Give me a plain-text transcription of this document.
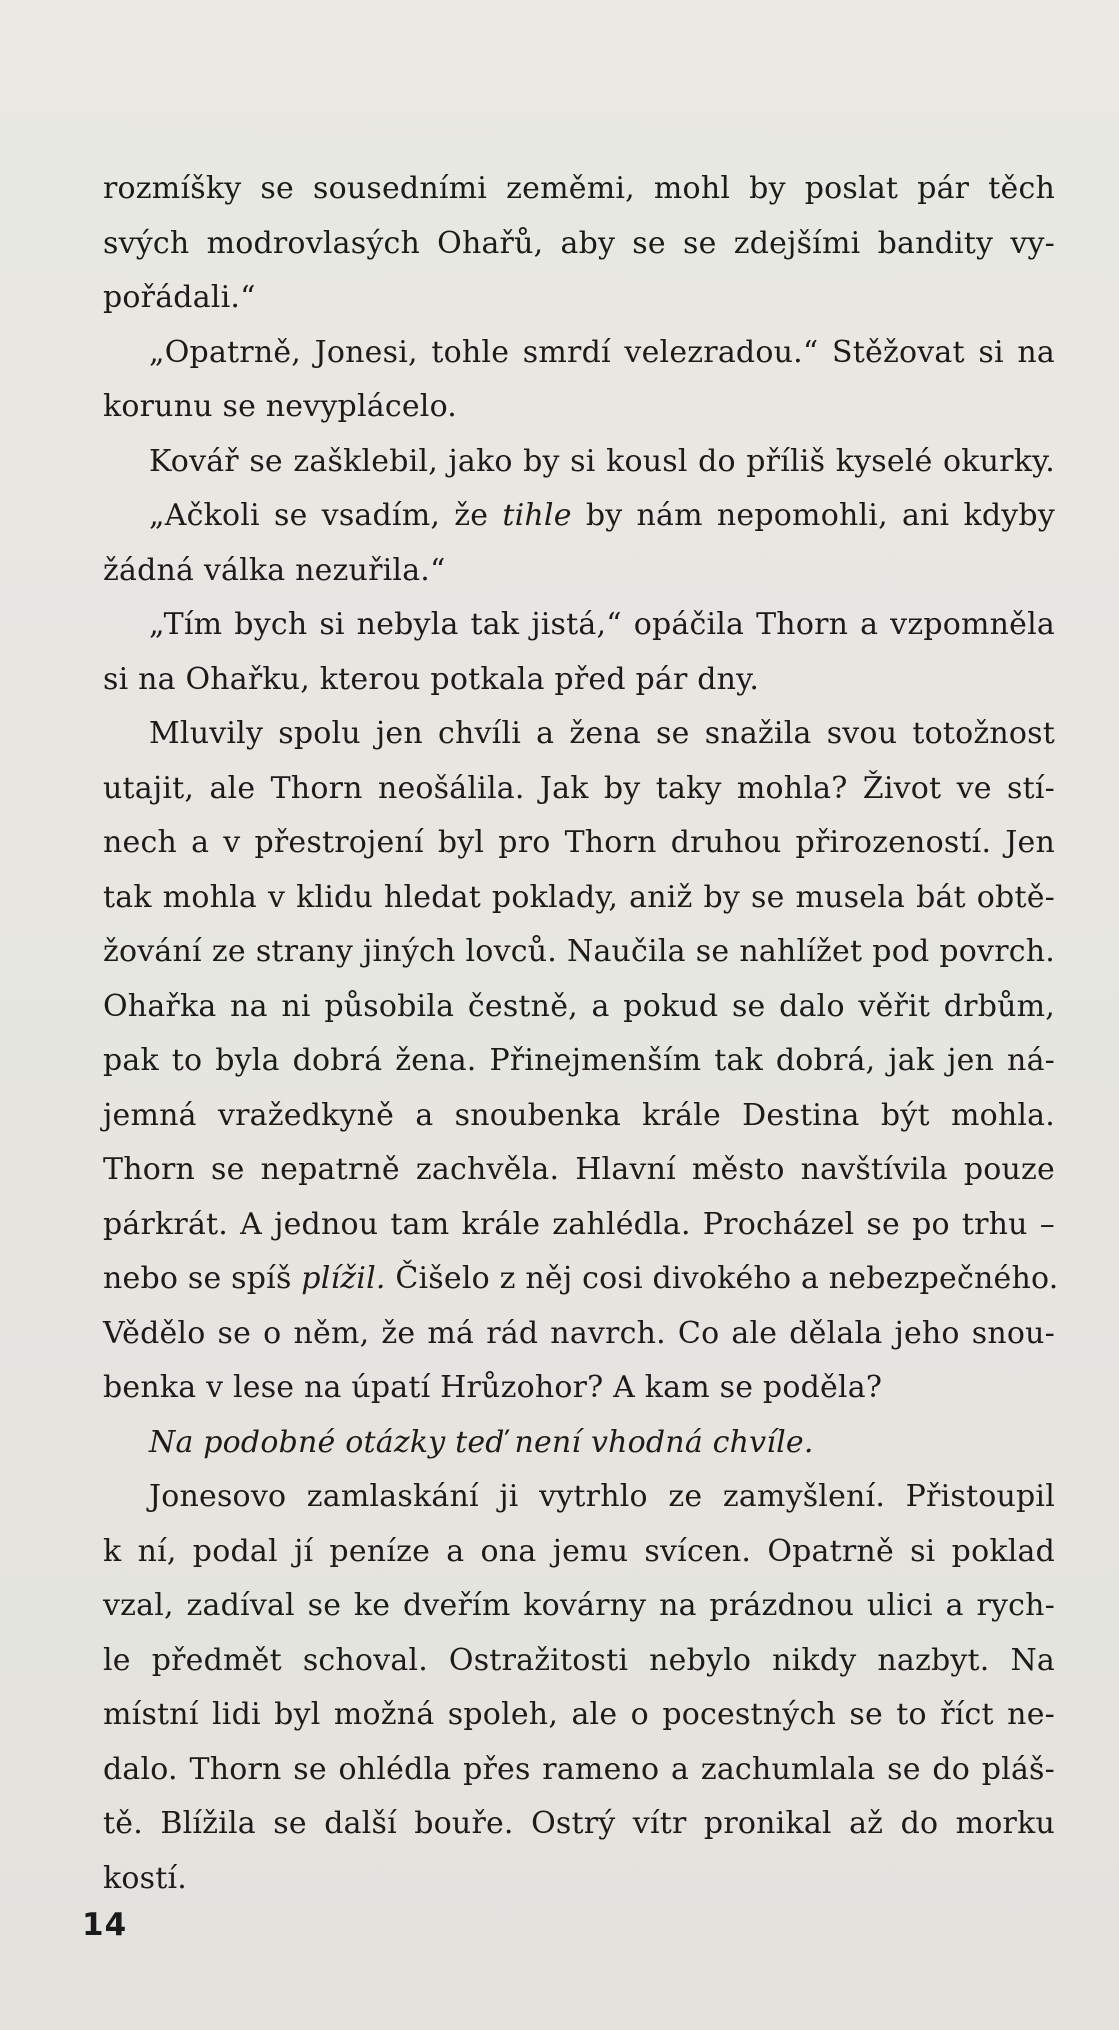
rozmíšky se sousedními zeměmi, mohl by poslat pár těch
svých modrovlasých Ohařů, aby se se zdejšími bandity vy-
pořádali.“
„Opatrně, Jonesi, tohle smrdí velezradou.“ Stěžovat si na
korunu se nevyplácelo.
Kovář se zašklebil, jako by si kousl do příliš kyselé okurky.
„Ačkoli se vsadím, že tihle by nám nepomohli, ani kdyby
žádná válka nezuřila.“
„Tím bych si nebyla tak jistá,“ opáčila Thorn a vzpomněla
si na Ohařku, kterou potkala před pár dny.
Mluvily spolu jen chvíli a žena se snažila svou totožnost
utajit, ale Thorn neošálila. Jak by taky mohla? Život ve stí-
nech a v přestrojení byl pro Thorn druhou přirozeností. Jen
tak mohla v klidu hledat poklady, aniž by se musela bát obtě-
žování ze strany jiných lovců. Naučila se nahlížet pod povrch.
Ohařka na ni působila čestně, a pokud se dalo věřit drbům,
pak to byla dobrá žena. Přinejmenším tak dobrá, jak jen ná-
jemná vražedkyně a snoubenka krále Destina být mohla.
Thorn se nepatrně zachvěla. Hlavní město navštívila pouze
párkrát. A jednou tam krále zahlédla. Procházel se po trhu –
nebo se spíš plížil. Čišelo z něj cosi divokého a nebezpečného.
Vědělo se o něm, že má rád navrch. Co ale dělala jeho snou-
benka v lese na úpatí Hrůzohor? A kam se poděla?
Na podobné otázky teď není vhodná chvíle.
Jonesovo zamlaskání ji vytrhlo ze zamyšlení. Přistoupil
k ní, podal jí peníze a ona jemu svícen. Opatrně si poklad
vzal, zadíval se ke dveřím kovárny na prázdnou ulici a rych-
le předmět schoval. Ostražitosti nebylo nikdy nazbyt. Na
místní lidi byl možná spoleh, ale o pocestných se to říct ne-
dalo. Thorn se ohlédla přes rameno a zachumlala se do pláš-
tě. Blížila se další bouře. Ostrý vítr pronikal až do morku
kostí.
14
